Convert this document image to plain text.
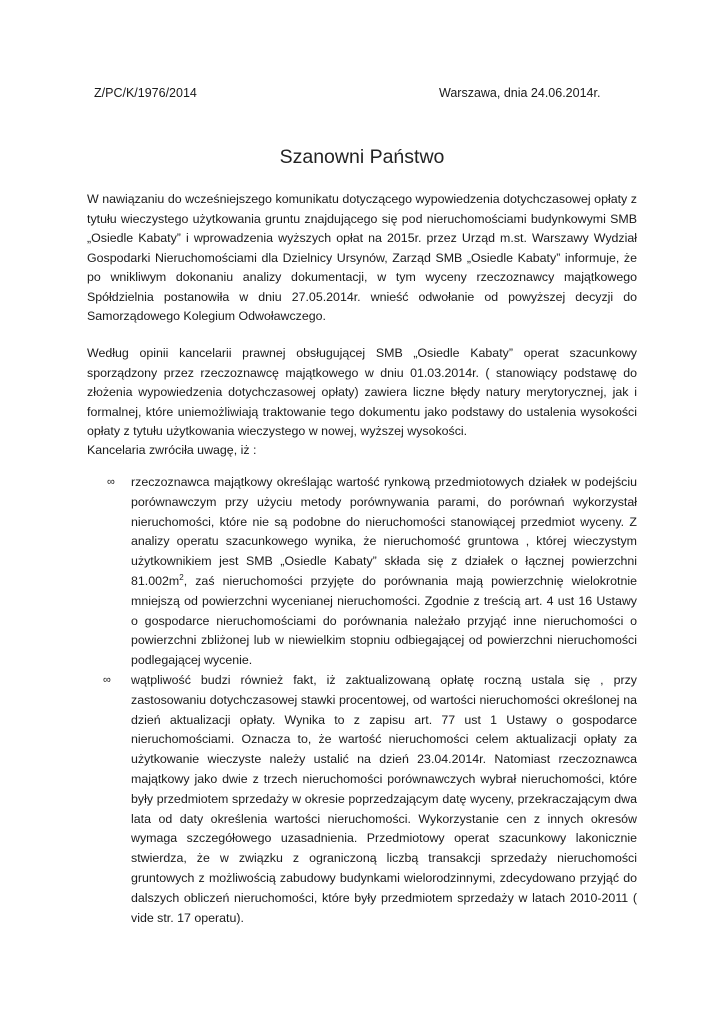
Z/PC/K/1976/2014	Warszawa, dnia 24.06.2014r.
Szanowni Państwo

W nawiązaniu do wcześniejszego komunikatu dotyczącego wypowiedzenia dotychczasowej opłaty z tytułu wieczystego użytkowania gruntu znajdującego się pod nieruchomościami budynkowymi SMB „Osiedle Kabaty” i wprowadzenia wyższych opłat na 2015r. przez Urząd m.st. Warszawy Wydział Gospodarki Nieruchomościami dla Dzielnicy Ursynów, Zarząd SMB „Osiedle Kabaty” informuje, że po wnikliwym dokonaniu analizy dokumentacji, w tym wyceny rzeczoznawcy majątkowego Spółdzielnia postanowiła w dniu 27.05.2014r. wnieść odwołanie od powyższej decyzji do Samorządowego Kolegium Odwoławczego.

Według opinii kancelarii prawnej obsługującej SMB „Osiedle Kabaty” operat szacunkowy sporządzony przez rzeczoznawcę majątkowego w dniu 01.03.2014r. ( stanowiący podstawę do złożenia wypowiedzenia dotychczasowej opłaty) zawiera liczne błędy natury merytorycznej, jak i formalnej, które uniemożliwiają traktowanie tego dokumentu jako podstawy do ustalenia wysokości opłaty z tytułu użytkowania wieczystego w nowej, wyższej wysokości.

Kancelaria zwróciła uwagę, iż :

∞	rzeczoznawca majątkowy określając wartość rynkową przedmiotowych działek w podejściu porównawczym przy użyciu metody porównywania parami, do porównań wykorzystał nieruchomości, które nie są podobne do nieruchomości stanowiącej przedmiot wyceny. Z analizy operatu szacunkowego wynika, że nieruchomość gruntowa , której wieczystym użytkownikiem jest SMB „Osiedle Kabaty” składa się z działek o łącznej powierzchni $81.002m^2$, zaś nieruchomości przyjęte do porównania mają powierzchnię wielokrotnie mniejszą od powierzchni wycenianej nieruchomości. Zgodnie z treścią art. 4 ust 16 Ustawy o gospodarce nieruchomościami do porównania należało przyjąć inne nieruchomości o powierzchni zbliżonej lub w niewielkim stopniu odbiegającej od powierzchni nieruchomości podlegającej wycenie.
∞	wątpliwość budzi również fakt, iż zaktualizowaną opłatę roczną ustala się , przy zastosowaniu dotychczasowej stawki procentowej, od wartości nieruchomości określonej na dzień aktualizacji opłaty. Wynika to z zapisu art. 77 ust 1 Ustawy o gospodarce nieruchomościami. Oznacza to, że wartość nieruchomości celem aktualizacji opłaty za użytkowanie wieczyste należy ustalić na dzień 23.04.2014r. Natomiast rzeczoznawca majątkowy jako dwie z trzech nieruchomości porównawczych wybrał nieruchomości, które były przedmiotem sprzedaży w okresie poprzedzającym datę wyceny, przekraczającym dwa lata od daty określenia wartości nieruchomości. Wykorzystanie cen z innych okresów wymaga szczegółowego uzasadnienia. Przedmiotowy operat szacunkowy lakonicznie stwierdza, że w związku z ograniczoną liczbą transakcji sprzedaży nieruchomości gruntowych z możliwością zabudowy budynkami wielorodzinnymi, zdecydowano przyjąć do dalszych obliczeń nieruchomości, które były przedmiotem sprzedaży w latach 2010-2011 ( vide str. 17 operatu).
